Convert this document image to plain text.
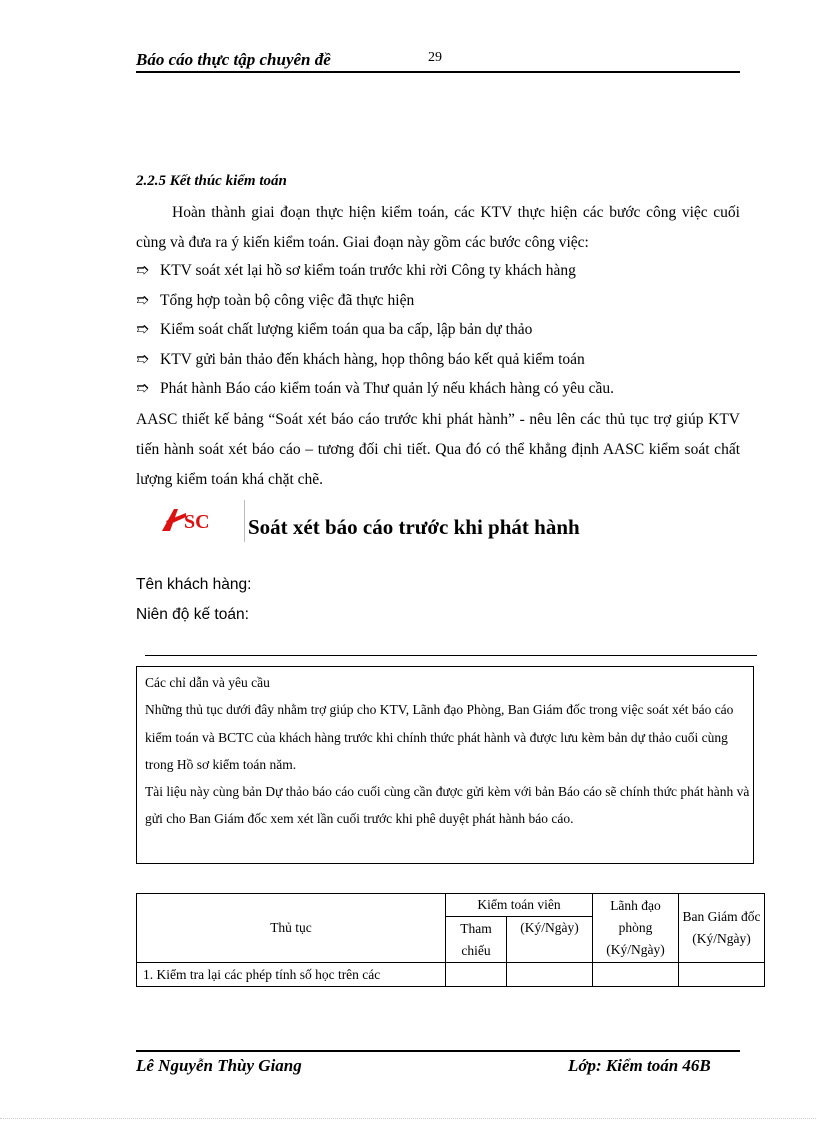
Báo cáo thực tập chuyên đề	29
2.2.5 Kết thúc kiểm toán
Hoàn thành giai đoạn thực hiện kiểm toán, các KTV thực hiện các bước công việc cuối cùng và đưa ra ý kiến kiểm toán. Giai đoạn này gồm các bước công việc:
➱ KTV soát xét lại hồ sơ kiểm toán trước khi rời Công ty khách hàng
➱ Tổng hợp toàn bộ công việc đã thực hiện
➱ Kiểm soát chất lượng kiểm toán qua ba cấp, lập bản dự thảo
➱ KTV gửi bản thảo đến khách hàng, họp thông báo kết quả kiểm toán
➱ Phát hành Báo cáo kiểm toán và Thư quản lý nếu khách hàng có yêu cầu.
AASC thiết kế bảng “Soát xét báo cáo trước khi phát hành” - nêu lên các thủ tục trợ giúp KTV tiến hành soát xét báo cáo – tương đối chi tiết. Qua đó có thể khẳng định AASC kiểm soát chất lượng kiểm toán khá chặt chẽ.
SC Soát xét báo cáo trước khi phát hành
Tên khách hàng:
Niên độ kế toán:
Các chỉ dẫn và yêu cầu
Những thủ tục dưới đây nhằm trợ giúp cho KTV, Lãnh đạo Phòng, Ban Giám đốc trong việc soát xét báo cáo kiểm toán và BCTC của khách hàng trước khi chính thức phát hành và được lưu kèm bản dự thảo cuối cùng trong Hồ sơ kiểm toán năm.
Tài liệu này cùng bản Dự thảo báo cáo cuối cùng cần được gửi kèm với bản Báo cáo sẽ chính thức phát hành và gửi cho Ban Giám đốc xem xét lần cuối trước khi phê duyệt phát hành báo cáo.
Thủ tục	Kiểm toán viên		Lãnh đạo phòng (Ký/Ngày)	Ban Giám đốc (Ký/Ngày)
	Tham chiếu	(Ký/Ngày)		
1. Kiểm tra lại các phép tính số học trên các				
Lê Nguyễn Thùy Giang	Lớp: Kiểm toán 46B
